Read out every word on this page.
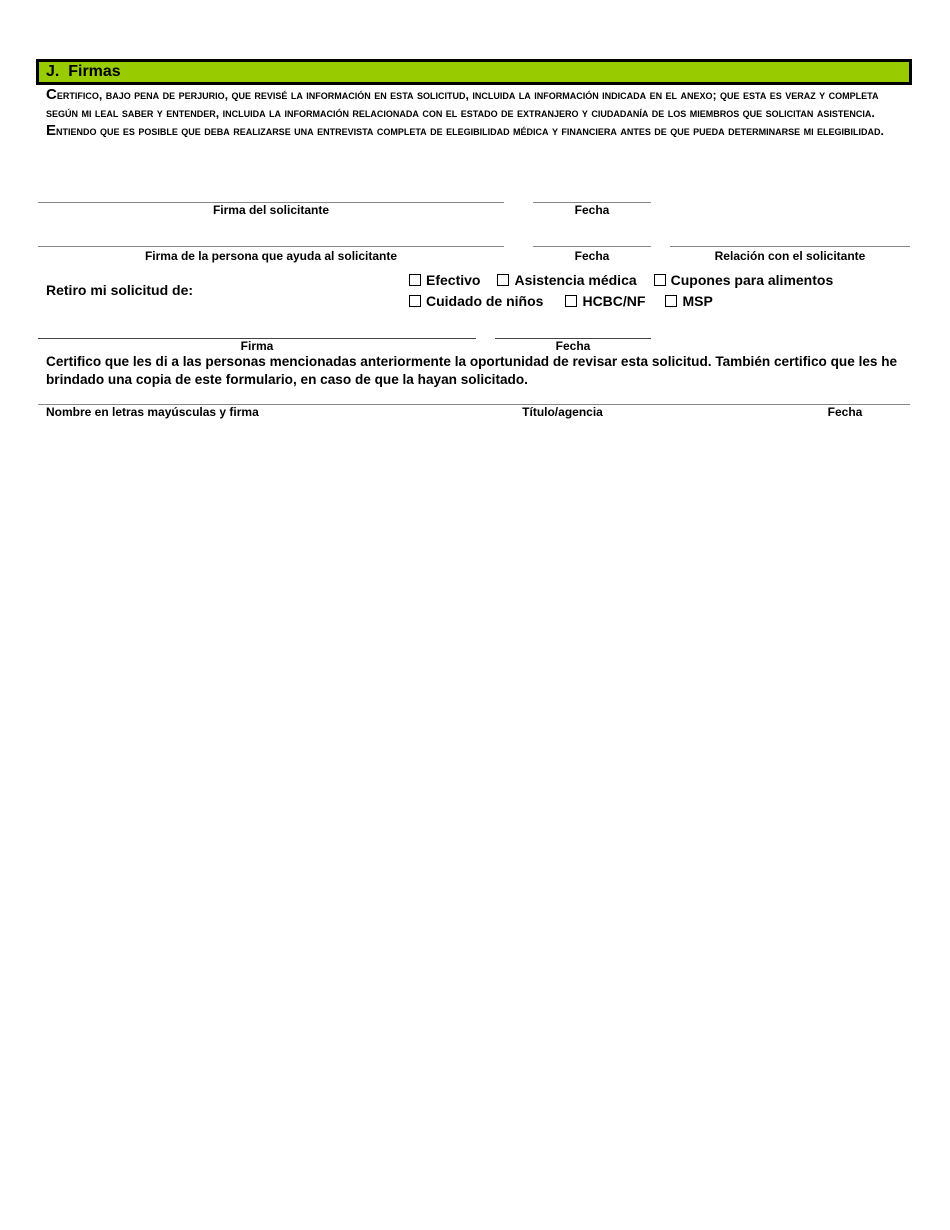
J.  Firmas
Certifico, bajo pena de perjurio, que revisé la información en esta solicitud, incluida la información indicada en el anexo; que esta es veraz y completa según mi leal saber y entender, incluida la información relacionada con el estado de extranjero y ciudadanía de los miembros que solicitan asistencia. Entiendo que es posible que deba realizarse una entrevista completa de elegibilidad médica y financiera antes de que pueda determinarse mi elegibilidad.
Firma del solicitante	Fecha
Firma de la persona que ayuda al solicitante	Fecha	Relación con el solicitante
Retiro mi solicitud de:
Efectivo Asistencia médica Cupones para alimentos
Cuidado de niños	HCBC/NF	MSP
Firma	Fecha
Certifico que les di a las personas mencionadas anteriormente la oportunidad de revisar esta solicitud. También certifico que les he brindado una copia de este formulario, en caso de que la hayan solicitado.
Nombre en letras mayúsculas y firma	Título/agencia	Fecha
